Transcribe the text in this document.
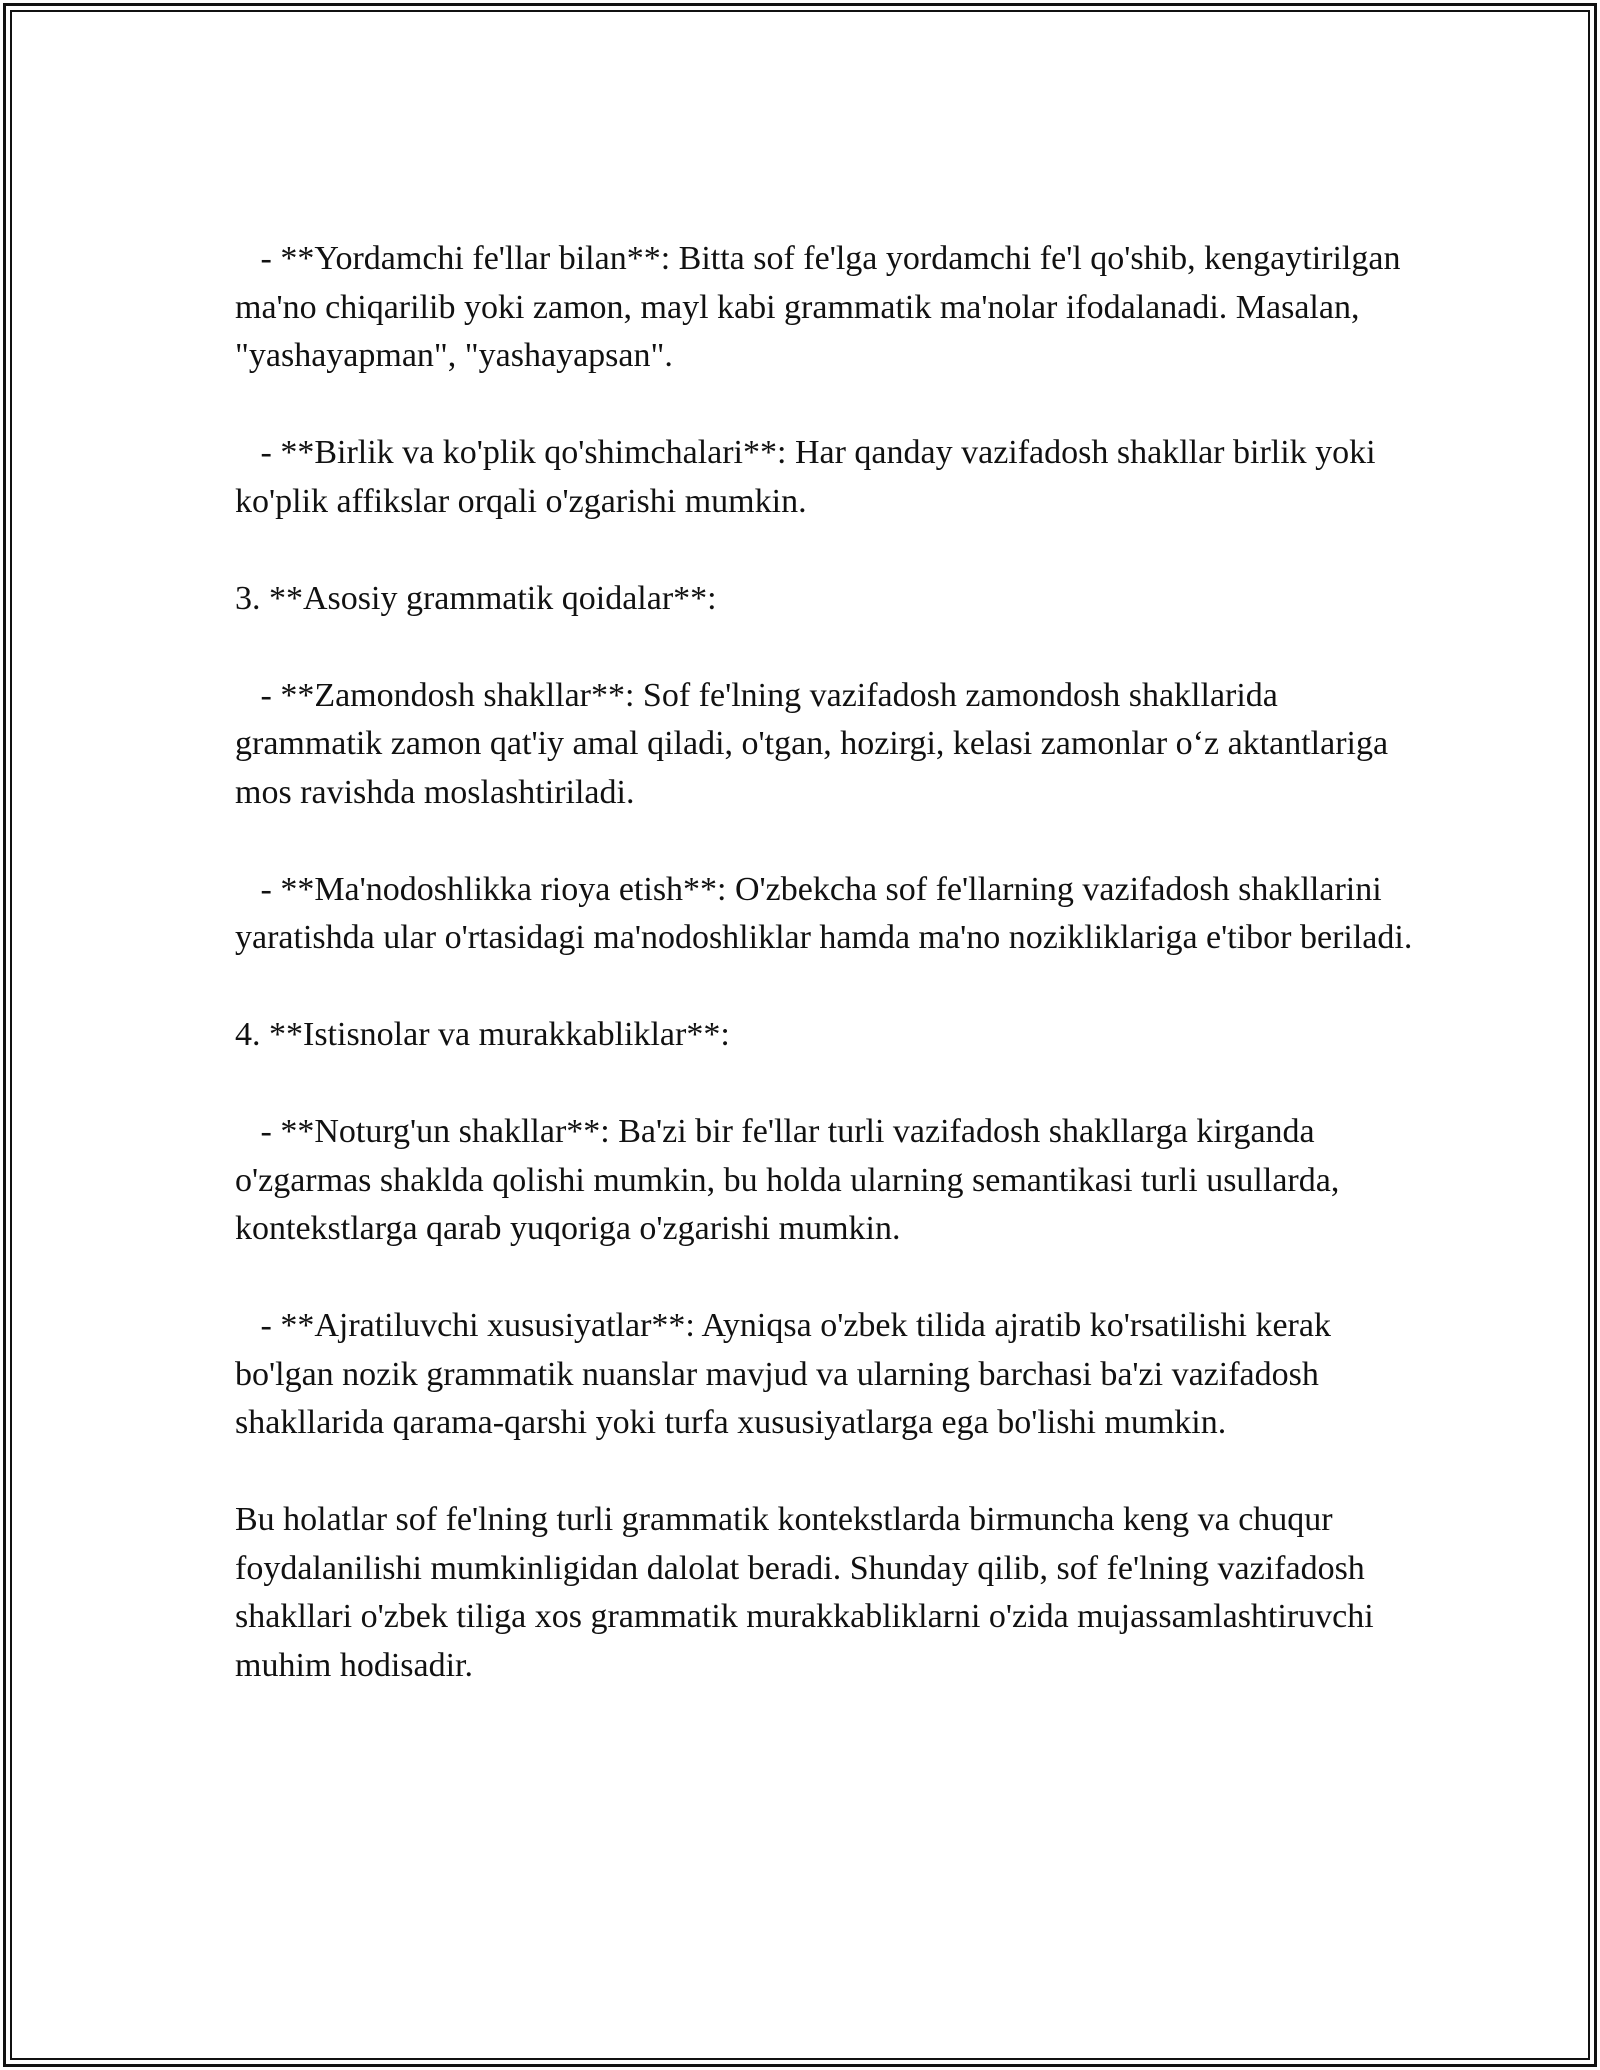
- **Yordamchi fe'llar bilan**: Bitta sof fe'lga yordamchi fe'l qo'shib, kengaytirilgan ma'no chiqarilib yoki zamon, mayl kabi grammatik ma'nolar ifodalanadi. Masalan, "yashayapman", "yashayapsan".

- **Birlik va ko'plik qo'shimchalari**: Har qanday vazifadosh shakllar birlik yoki ko'plik affikslar orqali o'zgarishi mumkin.

3. **Asosiy grammatik qoidalar**:

- **Zamondosh shakllar**: Sof fe'lning vazifadosh zamondosh shakllarida grammatik zamon qat'iy amal qiladi, o'tgan, hozirgi, kelasi zamonlar o‘z aktantlariga mos ravishda moslashtiriladi.

- **Ma'nodoshlikka rioya etish**: O'zbekcha sof fe'llarning vazifadosh shakllarini yaratishda ular o'rtasidagi ma'nodoshliklar hamda ma'no nozikliklariga e'tibor beriladi.

4. **Istisnolar va murakkabliklar**:

- **Noturg'un shakllar**: Ba'zi bir fe'llar turli vazifadosh shakllarga kirganda o'zgarmas shaklda qolishi mumkin, bu holda ularning semantikasi turli usullarda, kontekstlarga qarab yuqoriga o'zgarishi mumkin.

- **Ajratiluvchi xususiyatlar**: Ayniqsa o'zbek tilida ajratib ko'rsatilishi kerak bo'lgan nozik grammatik nuanslar mavjud va ularning barchasi ba'zi vazifadosh shakllarida qarama-qarshi yoki turfa xususiyatlarga ega bo'lishi mumkin.

Bu holatlar sof fe'lning turli grammatik kontekstlarda birmuncha keng va chuqur foydalanilishi mumkinligidan dalolat beradi. Shunday qilib, sof fe'lning vazifadosh shakllari o'zbek tiliga xos grammatik murakkabliklarni o'zida mujassamlashtiruvchi muhim hodisadir.
